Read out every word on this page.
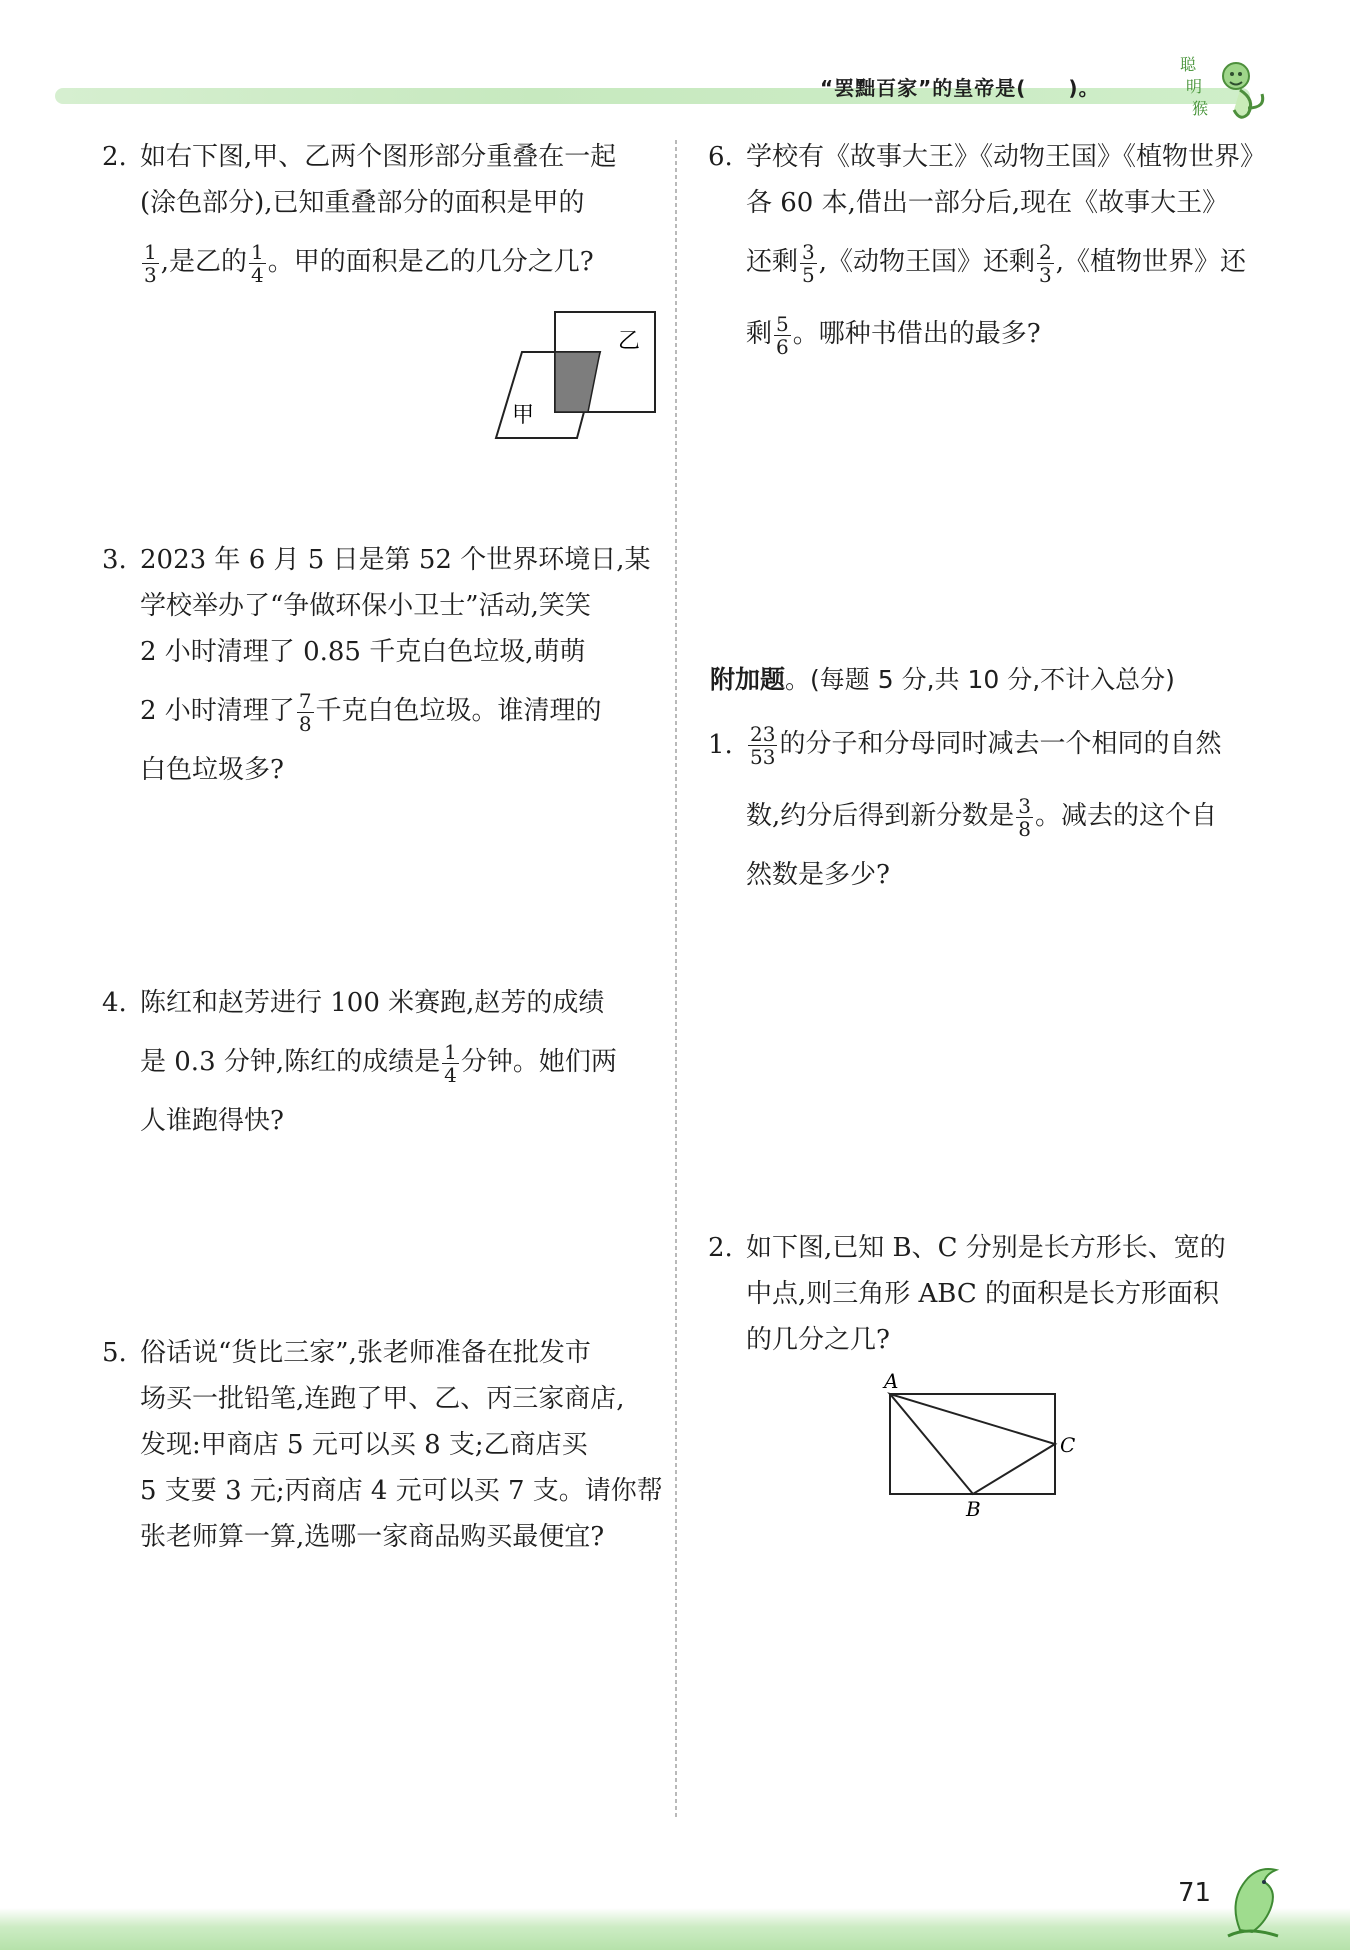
“罢黜百家”的皇帝是(　　)。
聪
明
猴
2. 如右下图,甲、乙两个图形部分重叠在一起
(涂色部分),已知重叠部分的面积是甲的
$\frac{1}{3}$ ,是乙的 $\frac{1}{4}$ 。甲的面积是乙的几分之几?
乙
甲
3. 2023 年 6 月 5 日是第 52 个世界环境日,某
学校举办了“争做环保小卫士”活动,笑笑
2 小时清理了 0.85 千克白色垃圾,萌萌
2 小时清理了 $\frac{7}{8}$ 千克白色垃圾。谁清理的
白色垃圾多?
4. 陈红和赵芳进行 100 米赛跑,赵芳的成绩
是 0.3 分钟,陈红的成绩是 $\frac{1}{4}$ 分钟。她们两
人谁跑得快?
5. 俗话说“货比三家”,张老师准备在批发市
场买一批铅笔,连跑了甲、乙、丙三家商店,
发现:甲商店 5 元可以买 8 支;乙商店买
5 支要 3 元;丙商店 4 元可以买 7 支。请你帮
张老师算一算,选哪一家商品购买最便宜?
6. 学校有《故事大王》《动物王国》《植物世界》
各 60 本,借出一部分后,现在《故事大王》
还剩 $\frac{3}{5}$ ,《动物王国》还剩 $\frac{2}{3}$ ,《植物世界》还
剩 $\frac{5}{6}$ 。哪种书借出的最多?
附加题。(每题 5 分,共 10 分,不计入总分)
1. $\frac{23}{53}$ 的分子和分母同时减去一个相同的自然
数,约分后得到新分数是 $\frac{3}{8}$ 。减去的这个自
然数是多少?
2. 如下图,已知 B、C 分别是长方形长、宽的
中点,则三角形 ABC 的面积是长方形面积
的几分之几?
A
B
C
71
